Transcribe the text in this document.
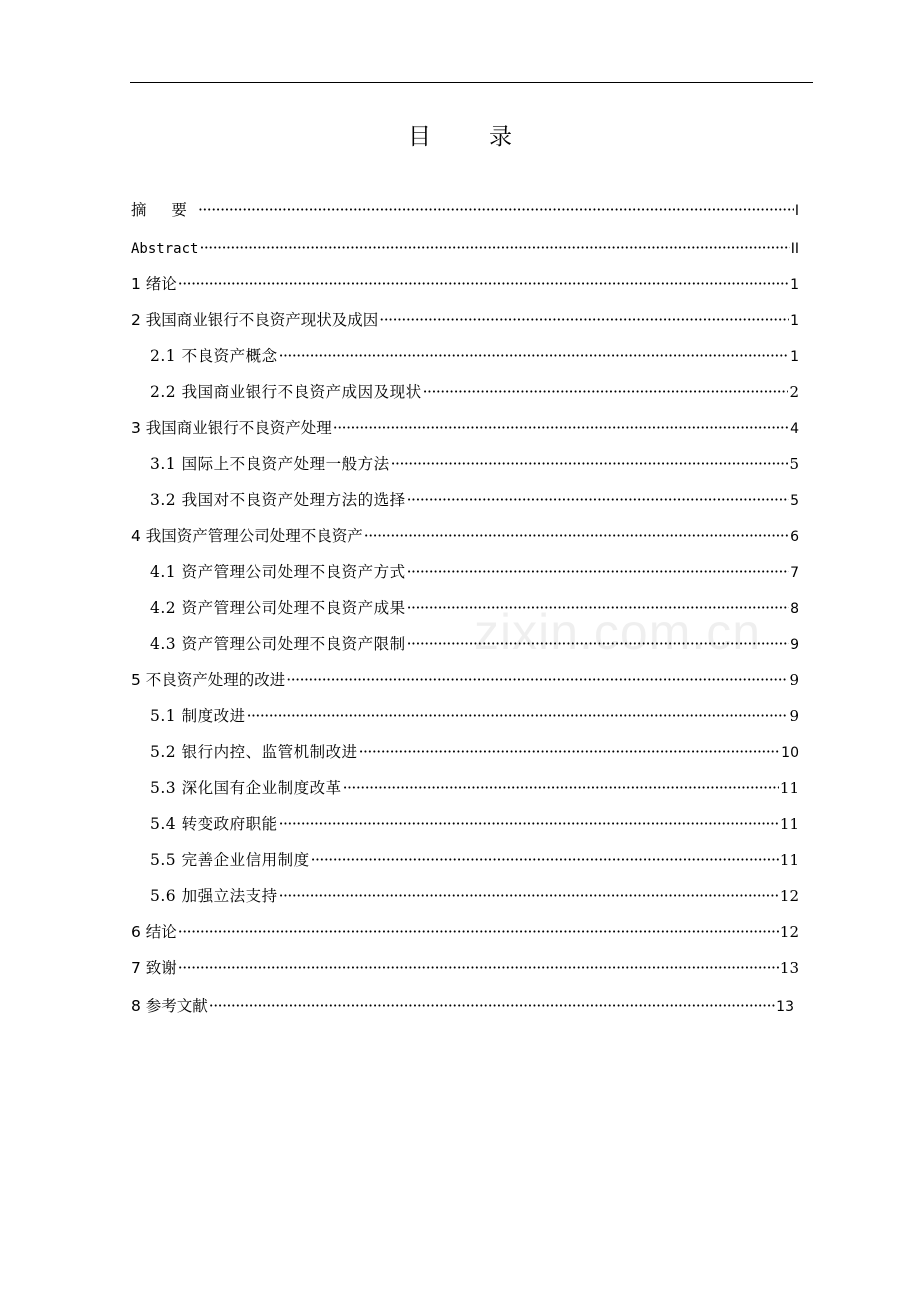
目	录
zixin.com.cn
摘 要 ·····	I
Abstract ·····	II
1 绪论 ·····	1
2 我国商业银行不良资产现状及成因 ·····	1
2.1 不良资产概念 ·····	1
2.2 我国商业银行不良资产成因及现状 ·····	2
3 我国商业银行不良资产处理 ·····	4
3.1 国际上不良资产处理一般方法 ·····	5
3.2 我国对不良资产处理方法的选择 ·····	5
4 我国资产管理公司处理不良资产 ·····	6
4.1 资产管理公司处理不良资产方式 ·····	7
4.2 资产管理公司处理不良资产成果 ·····	8
4.3 资产管理公司处理不良资产限制 ·····	9
5 不良资产处理的改进 ·····	9
5.1 制度改进 ·····	9
5.2 银行内控、监管机制改进 ·····	10
5.3 深化国有企业制度改革 ·····	11
5.4 转变政府职能 ·····	11
5.5 完善企业信用制度 ·····	11
5.6 加强立法支持 ·····	12
6 结论 ·····	12
7 致谢 ·····	13
8 参考文献 ·····	13
